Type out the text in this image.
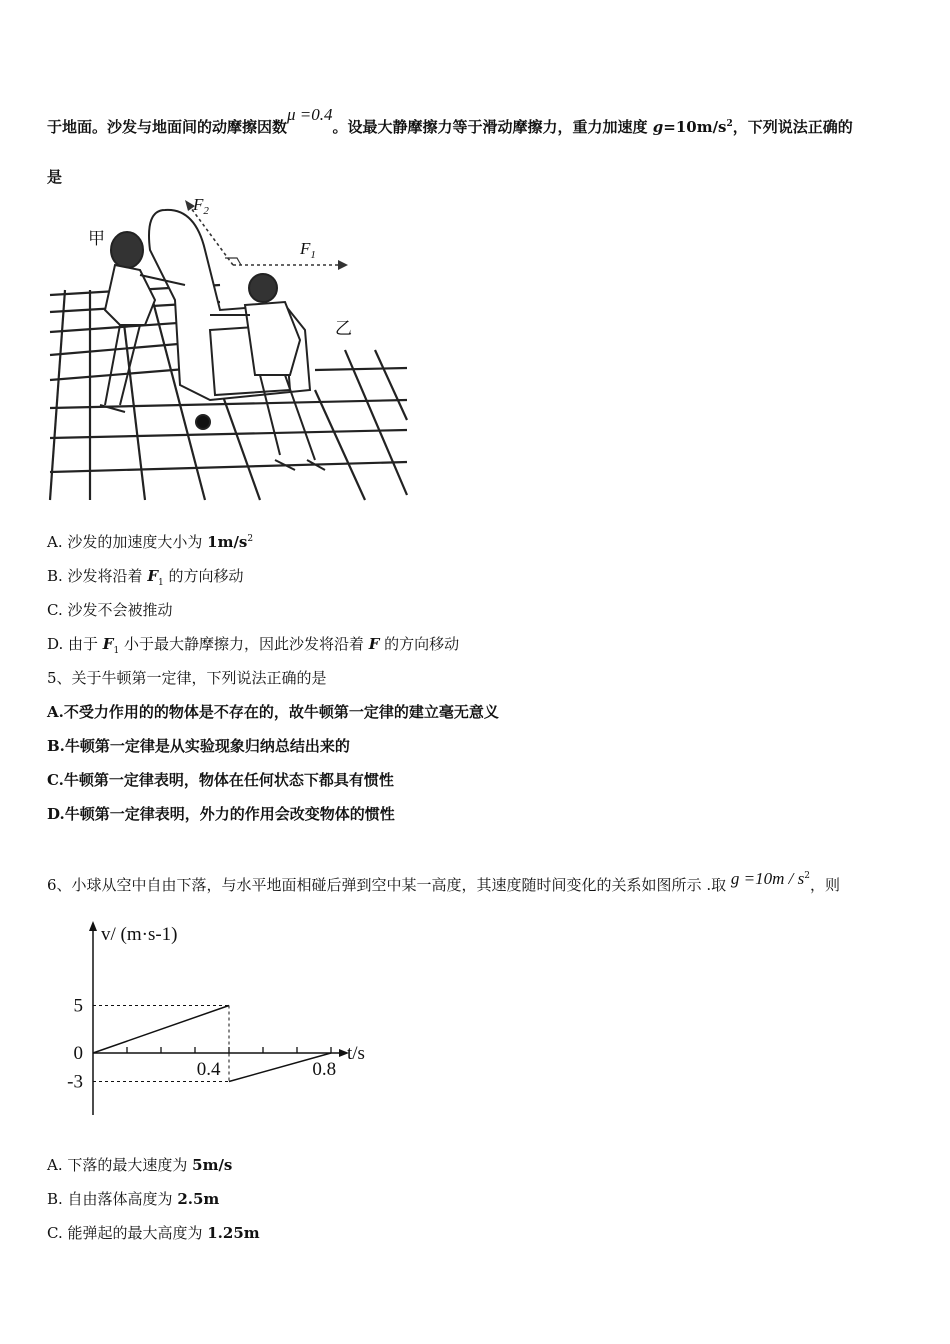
于地面。沙发与地面间的动摩擦因数μ =0.4。设最大静摩擦力等于滑动摩擦力，重力加速度 $g=10m/s^2$，下列说法正确的
是
甲
乙
$F_2$
$F_1$
A. 沙发的加速度大小为 $1m/s^2$
B. 沙发将沿着 $F_1$ 的方向移动
C. 沙发不会被推动
D. 由于 $F_1$ 小于最大静摩擦力，因此沙发将沿着 F 的方向移动
5、关于牛顿第一定律，下列说法正确的是
A.不受力作用的的物体是不存在的，故牛顿第一定律的建立毫无意义
B.牛顿第一定律是从实验现象归纳总结出来的
C.牛顿第一定律表明，物体在任何状态下都具有惯性
D.牛顿第一定律表明，外力的作用会改变物体的惯性
6、小球从空中自由下落，与水平地面相碰后弹到空中某一高度，其速度随时间变化的关系如图所示 .取 $g =10m / s^2$，则
5
0
-3
0.4	0.8
t/s
v/ (m·s-1)
A. 下落的最大速度为 5m/s
B. 自由落体高度为 2.5m
C. 能弹起的最大高度为 1.25m
